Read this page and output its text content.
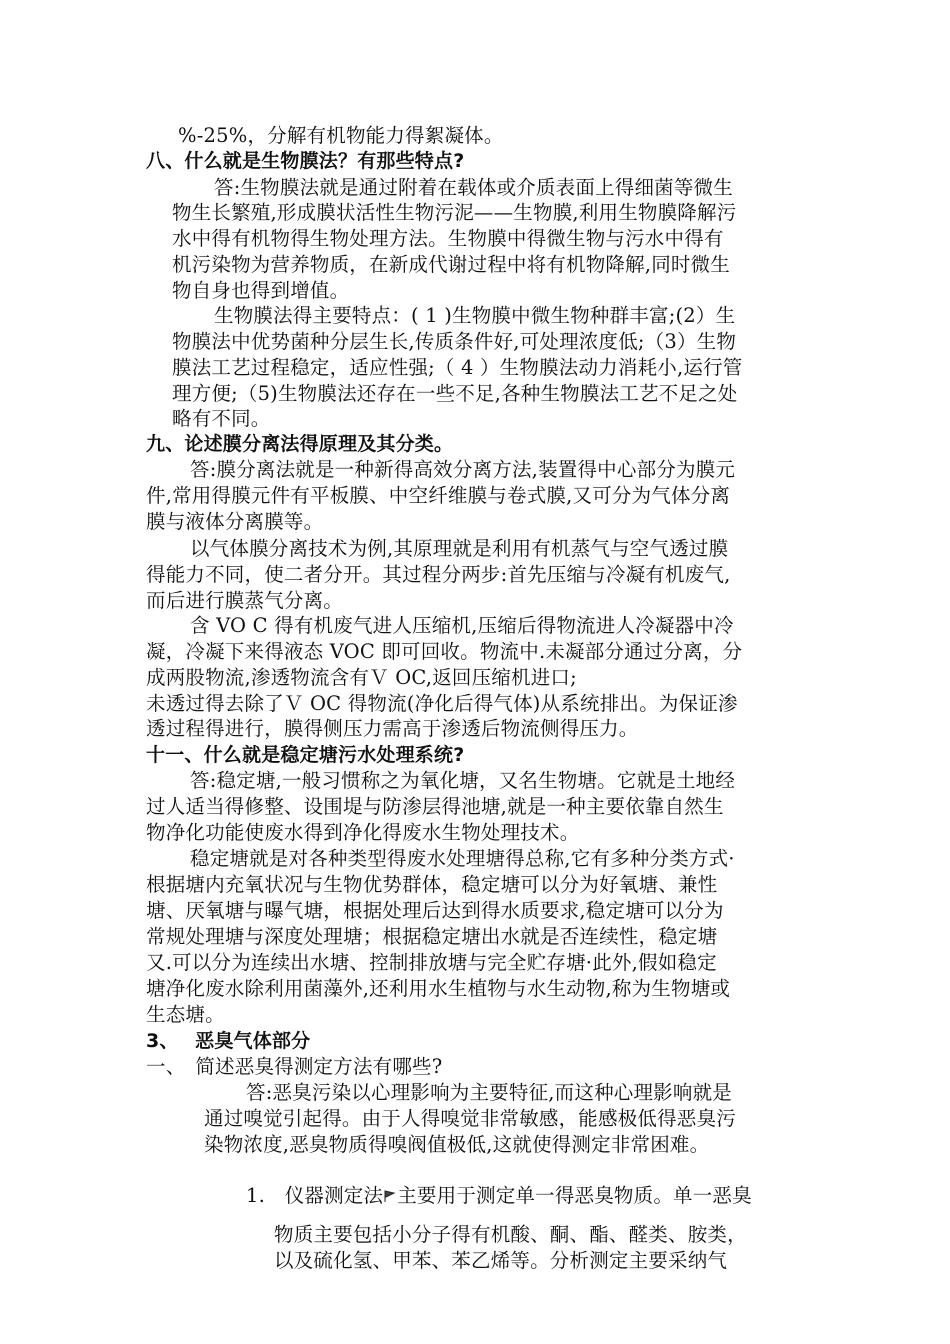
%-25%，分解有机物能力得絮凝体。
八、什么就是生物膜法？有那些特点?
答:生物膜法就是通过附着在载体或介质表面上得细菌等微生
物生长繁殖,形成膜状活性生物污泥——生物膜,利用生物膜降解污
水中得有机物得生物处理方法。生物膜中得微生物与污水中得有
机污染物为营养物质，在新成代谢过程中将有机物降解,同时微生
物自身也得到增值。
生物膜法得主要特点：( 1 )生物膜中微生物种群丰富;(2）生
物膜法中优势菌种分层生长,传质条件好,可处理浓度低;（3）生物
膜法工艺过程稳定，适应性强;（ 4 ）生物膜法动力消耗小,运行管
理方便;（5)生物膜法还存在一些不足,各种生物膜法工艺不足之处
略有不同。
九、论述膜分离法得原理及其分类。
答:膜分离法就是一种新得高效分离方法,装置得中心部分为膜元
件,常用得膜元件有平板膜、中空纤维膜与卷式膜,又可分为气体分离
膜与液体分离膜等。
以气体膜分离技术为例,其原理就是利用有机蒸气与空气透过膜
得能力不同，使二者分开。其过程分两步:首先压缩与冷凝有机废气,
而后进行膜蒸气分离。
含 VO C 得有机废气进人压缩机,压缩后得物流进人冷凝器中冷
凝，冷凝下来得液态 VOC 即可回收。物流中.未凝部分通过分离，分
成两股物流,渗透物流含有Ｖ OC,返回压缩机进口;
未透过得去除了Ｖ OC 得物流(净化后得气体)从系统排出。为保证渗
透过程得进行，膜得侧压力需高于渗透后物流侧得压力。
十一、什么就是稳定塘污水处理系统?
答:稳定塘,一般习惯称之为氧化塘，又名生物塘。它就是土地经
过人适当得修整、设围堤与防渗层得池塘,就是一种主要依靠自然生
物净化功能使废水得到净化得废水生物处理技术。
稳定塘就是对各种类型得废水处理塘得总称,它有多种分类方式·
根据塘内充氧状况与生物优势群体，稳定塘可以分为好氧塘、兼性
塘、厌氧塘与曝气塘，根据处理后达到得水质要求,稳定塘可以分为
常规处理塘与深度处理塘；根据稳定塘出水就是否连续性，稳定塘
又.可以分为连续出水塘、控制排放塘与完全贮存塘·此外,假如稳定
塘净化废水除利用菌藻外,还利用水生植物与水生动物,称为生物塘或
生态塘。
3、　 恶臭气体部分
一、　简述恶臭得测定方法有哪些?
答:恶臭污染以心理影响为主要特征,而这种心理影响就是
通过嗅觉引起得。由于人得嗅觉非常敏感，能感极低得恶臭污
染物浓度,恶臭物质得嗅阀值极低,这就使得测定非常困难。
1.　仪器测定法 主要用于测定单一得恶臭物质。单一恶臭
物质主要包括小分子得有机酸、酮、酯、醛类、胺类，
以及硫化氢、甲苯、苯乙烯等。分析测定主要采纳气
